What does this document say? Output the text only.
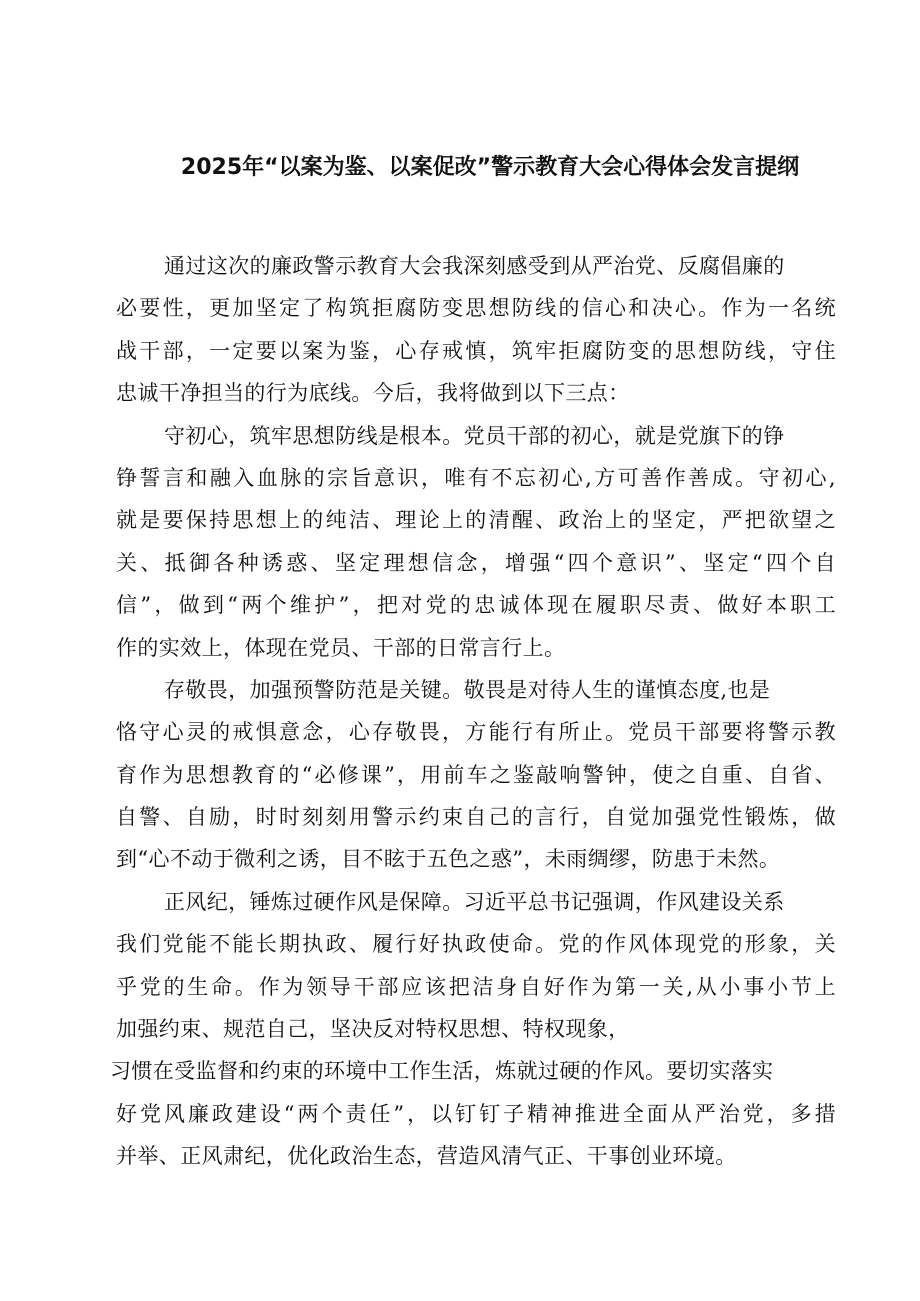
2025年“以案为鉴、以案促改”警示教育大会心得体会发言提纲
通过这次的廉政警示教育大会我深刻感受到从严治党、反腐倡廉的
必要性，更加坚定了构筑拒腐防变思想防线的信心和决心。作为一名统
战干部，一定要以案为鉴，心存戒慎，筑牢拒腐防变的思想防线，守住
忠诚干净担当的行为底线。今后，我将做到以下三点：
守初心，筑牢思想防线是根本。党员干部的初心，就是党旗下的铮
铮誓言和融入血脉的宗旨意识，唯有不忘初心,方可善作善成。守初心,
就是要保持思想上的纯洁、理论上的清醒、政治上的坚定，严把欲望之
关、抵御各种诱惑、坚定理想信念，增强“四个意识”、坚定“四个自
信”，做到“两个维护”，把对党的忠诚体现在履职尽责、做好本职工
作的实效上，体现在党员、干部的日常言行上。
存敬畏，加强预警防范是关键。敬畏是对待人生的谨慎态度,也是
恪守心灵的戒惧意念，心存敬畏，方能行有所止。党员干部要将警示教
育作为思想教育的“必修课”，用前车之鉴敲响警钟，使之自重、自省、
自警、自励，时时刻刻用警示约束自己的言行，自觉加强党性锻炼，做
到“心不动于微利之诱，目不眩于五色之惑”，未雨绸缪，防患于未然。
正风纪，锤炼过硬作风是保障。习近平总书记强调，作风建设关系
我们党能不能长期执政、履行好执政使命。党的作风体现党的形象，关
乎党的生命。作为领导干部应该把洁身自好作为第一关,从小事小节上
加强约束、规范自己，坚决反对特权思想、特权现象，
习惯在受监督和约束的环境中工作生活，炼就过硬的作风。要切实落实
好党风廉政建设“两个责任”，以钉钉子精神推进全面从严治党，多措
并举、正风肃纪，优化政治生态，营造风清气正、干事创业环境。
